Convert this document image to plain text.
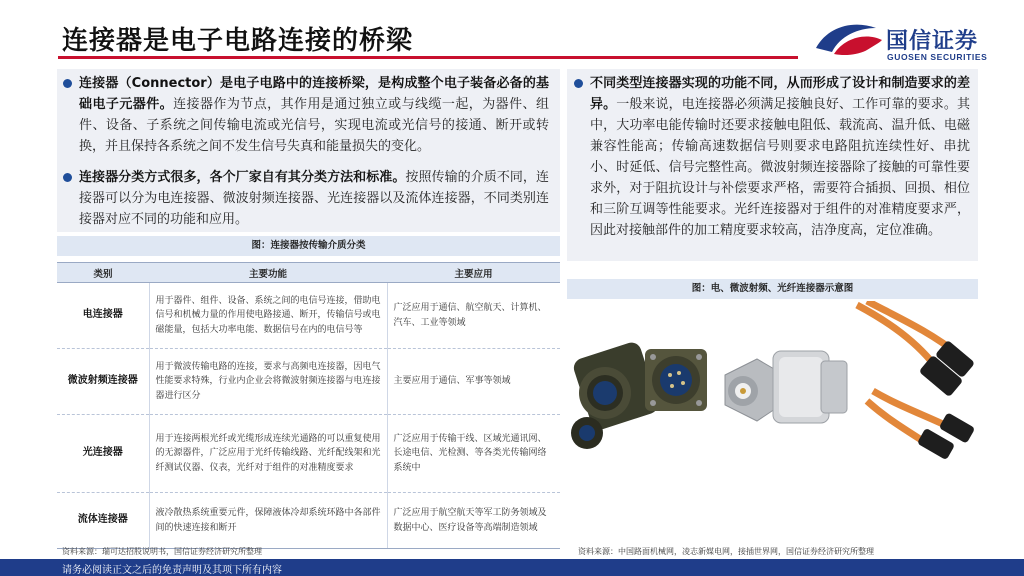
连接器是电子电路连接的桥梁	国信证券
GUOSEN SECURITIES
连接器（Connector）是电子电路中的连接桥梁，是构成整个电子装备必备的基础电子元器件。连接器作为节点，其作用是通过独立或与线缆一起，为器件、组件、设备、子系统之间传输电流或光信号，实现电流或光信号的接通、断开或转换，并且保持各系统之间不发生信号失真和能量损失的变化。
连接器分类方式很多，各个厂家自有其分类方法和标准。按照传输的介质不同，连接器可以分为电连接器、微波射频连接器、光连接器以及流体连接器，不同类别连接器对应不同的功能和应用。
图：连接器按传输介质分类
类别	主要功能	主要应用
电连接器	用于器件、组件、设备、系统之间的电信号连接，借助电信号和机械力量的作用使电路接通、断开，传输信号或电磁能量，包括大功率电能、数据信号在内的电信号等	广泛应用于通信、航空航天、计算机、汽车、工业等领域
微波射频连接器	用于微波传输电路的连接，要求与高频电连接器，因电气性能要求特殊，行业内企业会将微波射频连接器与电连接器进行区分	主要应用于通信、军事等领域
光连接器	用于连接两根光纤或光缆形成连续光通路的可以重复使用的无源器件，广泛应用于光纤传输线路、光纤配线架和光纤测试仪器、仪表，光纤对于组件的对准精度要求	广泛应用于传输干线、区域光通讯网、长途电信、光检测、等各类光传输网络系统中
流体连接器	液冷散热系统重要元件，保障液体冷却系统环路中各部件间的快速连接和断开	广泛应用于航空航天等军工防务领域及数据中心、医疗设备等高端制造领域
资料来源：瑞可达招股说明书，国信证券经济研究所整理
不同类型连接器实现的功能不同，从而形成了设计和制造要求的差异。一般来说，电连接器必须满足接触良好、工作可靠的要求。其中，大功率电能传输时还要求接触电阻低、载流高、温升低、电磁兼容性能高；传输高速数据信号则要求电路阻抗连续性好、串扰小、时延低、信号完整性高。微波射频连接器除了接触的可靠性要求外，对于阻抗设计与补偿要求严格，需要符合插损、回损、相位和三阶互调等性能要求。光纤连接器对于组件的对准精度要求严，因此对接触部件的加工精度要求较高，洁净度高，定位准确。
图：电、微波射频、光纤连接器示意图
资料来源：中国路面机械网，凌志新媒电网，接插世界网，国信证券经济研究所整理
请务必阅读正文之后的免责声明及其项下所有内容
